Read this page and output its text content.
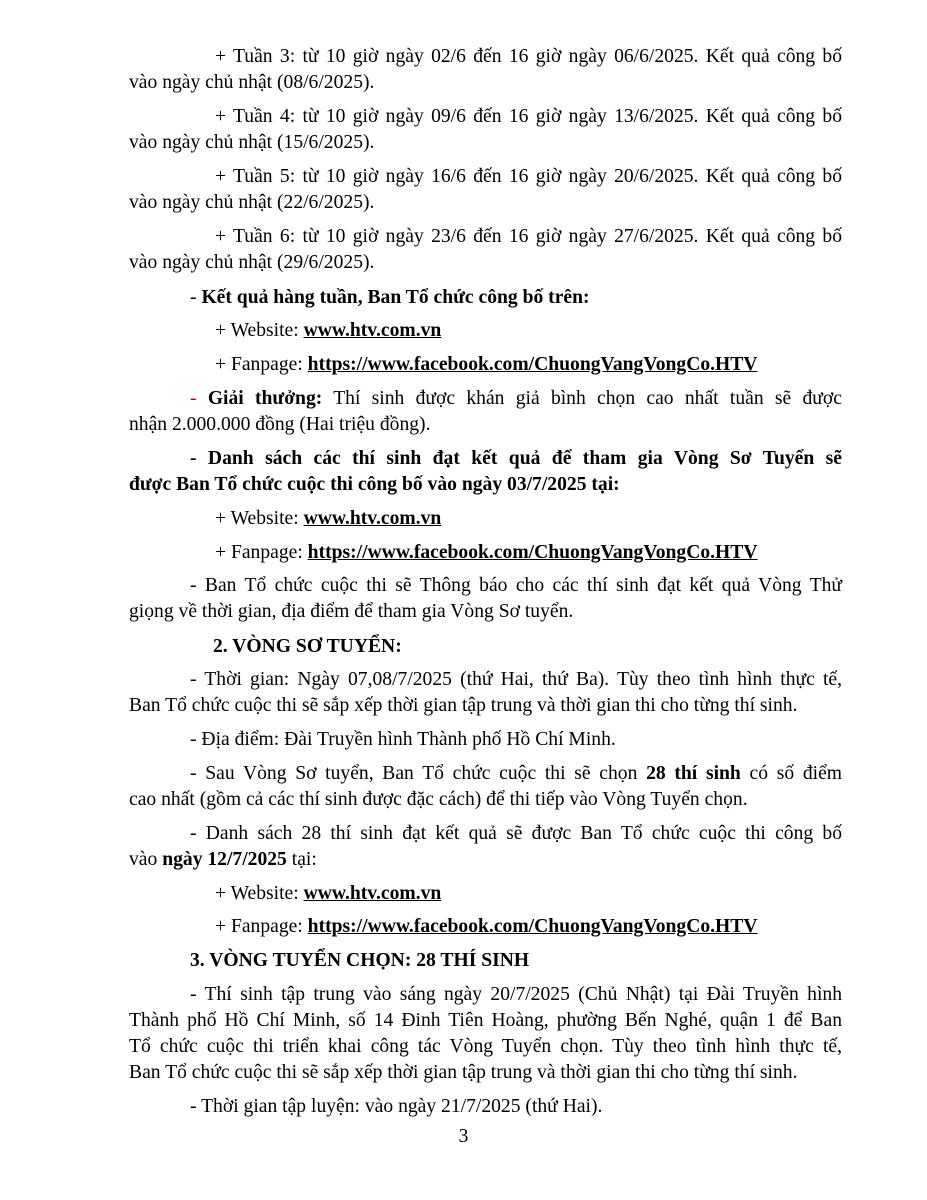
+ Tuần 3: từ 10 giờ ngày 02/6 đến 16 giờ ngày 06/6/2025. Kết quả công bố
vào ngày chủ nhật (08/6/2025).
+ Tuần 4: từ 10 giờ ngày 09/6 đến 16 giờ ngày 13/6/2025. Kết quả công bố
vào ngày chủ nhật (15/6/2025).
+ Tuần 5: từ 10 giờ ngày 16/6 đến 16 giờ ngày 20/6/2025. Kết quả công bố
vào ngày chủ nhật (22/6/2025).
+ Tuần 6: từ 10 giờ ngày 23/6 đến 16 giờ ngày 27/6/2025. Kết quả công bố
vào ngày chủ nhật (29/6/2025).

- Kết quả hàng tuần, Ban Tổ chức công bố trên:

+ Website: www.htv.com.vn

+ Fanpage: https://www.facebook.com/ChuongVangVongCo.HTV

- Giải thưởng: Thí sinh được khán giả bình chọn cao nhất tuần sẽ được
nhận 2.000.000 đồng (Hai triệu đồng).
- Danh sách các thí sinh đạt kết quả để tham gia Vòng Sơ Tuyển sẽ
được Ban Tổ chức cuộc thi công bố vào ngày 03/7/2025 tại:

+ Website: www.htv.com.vn

+ Fanpage: https://www.facebook.com/ChuongVangVongCo.HTV

- Ban Tổ chức cuộc thi sẽ Thông báo cho các thí sinh đạt kết quả Vòng Thử
giọng về thời gian, địa điểm để tham gia Vòng Sơ tuyển.

2. VÒNG SƠ TUYỂN:

- Thời gian: Ngày 07,08/7/2025 (thứ Hai, thứ Ba). Tùy theo tình hình thực tế,
Ban Tổ chức cuộc thi sẽ sắp xếp thời gian tập trung và thời gian thi cho từng thí sinh.

- Địa điểm: Đài Truyền hình Thành phố Hồ Chí Minh.

- Sau Vòng Sơ tuyển, Ban Tổ chức cuộc thi sẽ chọn 28 thí sinh có số điểm
cao nhất (gồm cả các thí sinh được đặc cách) để thi tiếp vào Vòng Tuyển chọn.
- Danh sách 28 thí sinh đạt kết quả sẽ được Ban Tổ chức cuộc thi công bố
vào ngày 12/7/2025 tại:

+ Website: www.htv.com.vn

+ Fanpage: https://www.facebook.com/ChuongVangVongCo.HTV

3. VÒNG TUYỂN CHỌN: 28 THÍ SINH

- Thí sinh tập trung vào sáng ngày 20/7/2025 (Chủ Nhật) tại Đài Truyền hình
Thành phố Hồ Chí Minh, số 14 Đinh Tiên Hoàng, phường Bến Nghé, quận 1 để Ban
Tổ chức cuộc thi triển khai công tác Vòng Tuyển chọn. Tùy theo tình hình thực tế,
Ban Tổ chức cuộc thi sẽ sắp xếp thời gian tập trung và thời gian thi cho từng thí sinh.

- Thời gian tập luyện: vào ngày 21/7/2025 (thứ Hai).

3
